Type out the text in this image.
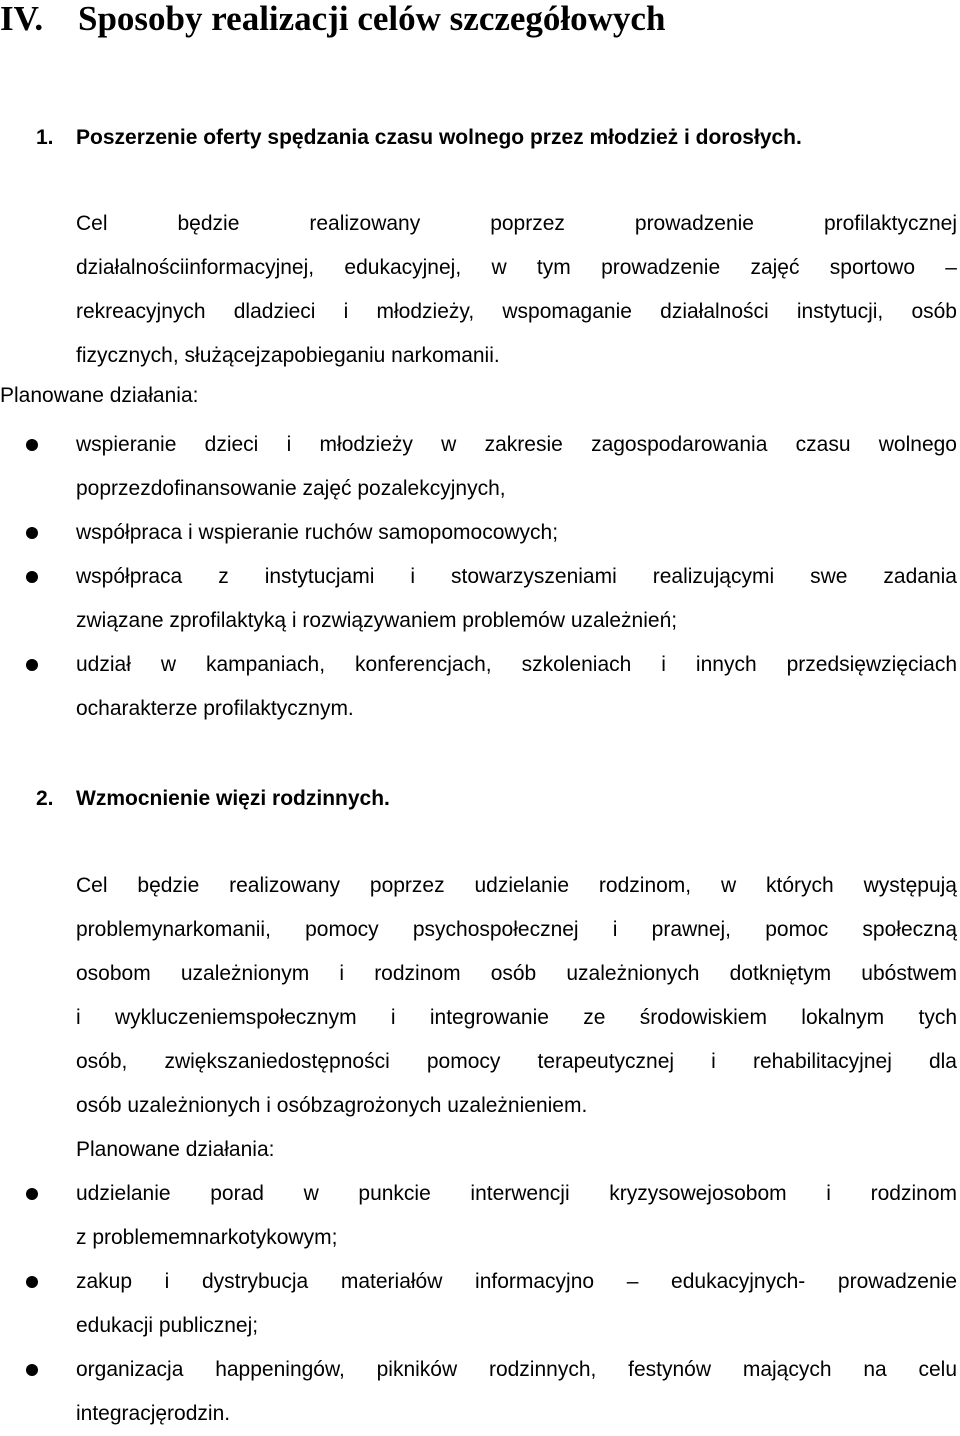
IV. Sposoby realizacji celów szczegółowych
1. Poszerzenie oferty spędzania czasu wolnego przez młodzież i dorosłych.

Cel będzie realizowany poprzez prowadzenie profilaktycznej
działalnościinformacyjnej, edukacyjnej, w tym prowadzenie zajęć sportowo –
rekreacyjnych dladzieci i młodzieży, wspomaganie działalności instytucji, osób
fizycznych, służącejzapobieganiu narkomanii.

Planowane działania:

wspieranie dzieci i młodzieży w zakresie zagospodarowania czasu wolnego
poprzezdofinansowanie zajęć pozalekcyjnych,
współpraca i wspieranie ruchów samopomocowych;
współpraca z instytucjami i stowarzyszeniami realizującymi swe zadania
związane zprofilaktyką i rozwiązywaniem problemów uzależnień;
udział w kampaniach, konferencjach, szkoleniach i innych przedsięwzięciach
ocharakterze profilaktycznym.
2. Wzmocnienie więzi rodzinnych.

Cel będzie realizowany poprzez udzielanie rodzinom, w których występują
problemynarkomanii, pomocy psychospołecznej i prawnej, pomoc społeczną
osobom uzależnionym i rodzinom osób uzależnionych dotkniętym ubóstwem
i wykluczeniemspołecznym i integrowanie ze środowiskiem lokalnym tych
osób, zwiększaniedostępności pomocy terapeutycznej i rehabilitacyjnej dla
osób uzależnionych i osóbzagrożonych uzależnieniem.

Planowane działania:

udzielanie porad w punkcie interwencji kryzysowejosobom i rodzinom
z problememnarkotykowym;
zakup i dystrybucja materiałów informacyjno – edukacyjnych- prowadzenie
edukacji publicznej;
organizacja happeningów, pikników rodzinnych, festynów mających na celu
integracjęrodzin.
